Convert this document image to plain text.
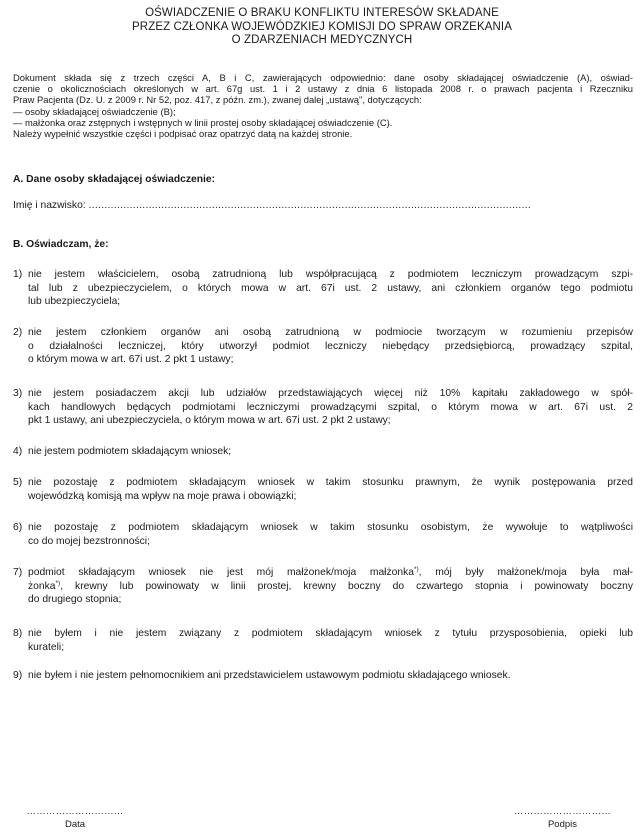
OŚWIADCZENIE O BRAKU KONFLIKTU INTERESÓW SKŁADANE
PRZEZ CZŁONKA WOJEWÓDZKIEJ KOMISJI DO SPRAW ORZEKANIA
O ZDARZENIACH MEDYCZNYCH
Dokument składa się z trzech części A, B i C, zawierających odpowiednio: dane osoby składającej oświadczenie (A), oświad-
czenie o okolicznościach określonych w art. 67g ust. 1 i 2 ustawy z dnia 6 listopada 2008 r. o prawach pacjenta i Rzeczniku
Praw Pacjenta (Dz. U. z 2009 r. Nr 52, poz. 417, z późn. zm.), zwanej dalej „ustawą", dotyczących:
— osoby składającej oświadczenie (B);
— małżonka oraz zstępnych i wstępnych w linii prostej osoby składającej oświadczenie (C).
Należy wypełnić wszystkie części i podpisać oraz opatrzyć datą na każdej stronie.
A. Dane osoby składającej oświadczenie:
Imię i nazwisko: ............................................................................................................................................
B. Oświadczam, że:
1) nie jestem właścicielem, osobą zatrudnioną lub współpracującą z podmiotem leczniczym prowadzącym szpi-
tal lub z ubezpieczycielem, o których mowa w art. 67i ust. 2 ustawy, ani członkiem organów tego podmiotu
lub ubezpieczyciela;
2) nie jestem członkiem organów ani osobą zatrudnioną w podmiocie tworzącym w rozumieniu przepisów
o działalności leczniczej, który utworzył podmiot leczniczy niebędący przedsiębiorcą, prowadzący szpital,
o którym mowa w art. 67i ust. 2 pkt 1 ustawy;
3) nie jestem posiadaczem akcji lub udziałów przedstawiających więcej niż 10% kapitału zakładowego w spół-
kach handlowych będących podmiotami leczniczymi prowadzącymi szpital, o którym mowa w art. 67i ust. 2
pkt 1 ustawy, ani ubezpieczyciela, o którym mowa w art. 67i ust. 2 pkt 2 ustawy;
4) nie jestem podmiotem składającym wniosek;
5) nie pozostaję z podmiotem składającym wniosek w takim stosunku prawnym, że wynik postępowania przed
wojewódzką komisją ma wpływ na moje prawa i obowiązki;
6) nie pozostaję z podmiotem składającym wniosek w takim stosunku osobistym, że wywołuje to wątpliwości
co do mojej bezstronności;
7) podmiot składającym wniosek nie jest mój małżonek/moja małżonka*), mój były małżonek/moja była mał-
żonka*), krewny lub powinowaty w linii prostej, krewny boczny do czwartego stopnia i powinowaty boczny
do drugiego stopnia;
8) nie byłem i nie jestem związany z podmiotem składającym wniosek z tytułu przysposobienia, opieki lub
kurateli;
9) nie byłem i nie jestem pełnomocnikiem ani przedstawicielem ustawowym podmiotu składającego wniosek.
…………………………
Data
…………………………
Podpis
